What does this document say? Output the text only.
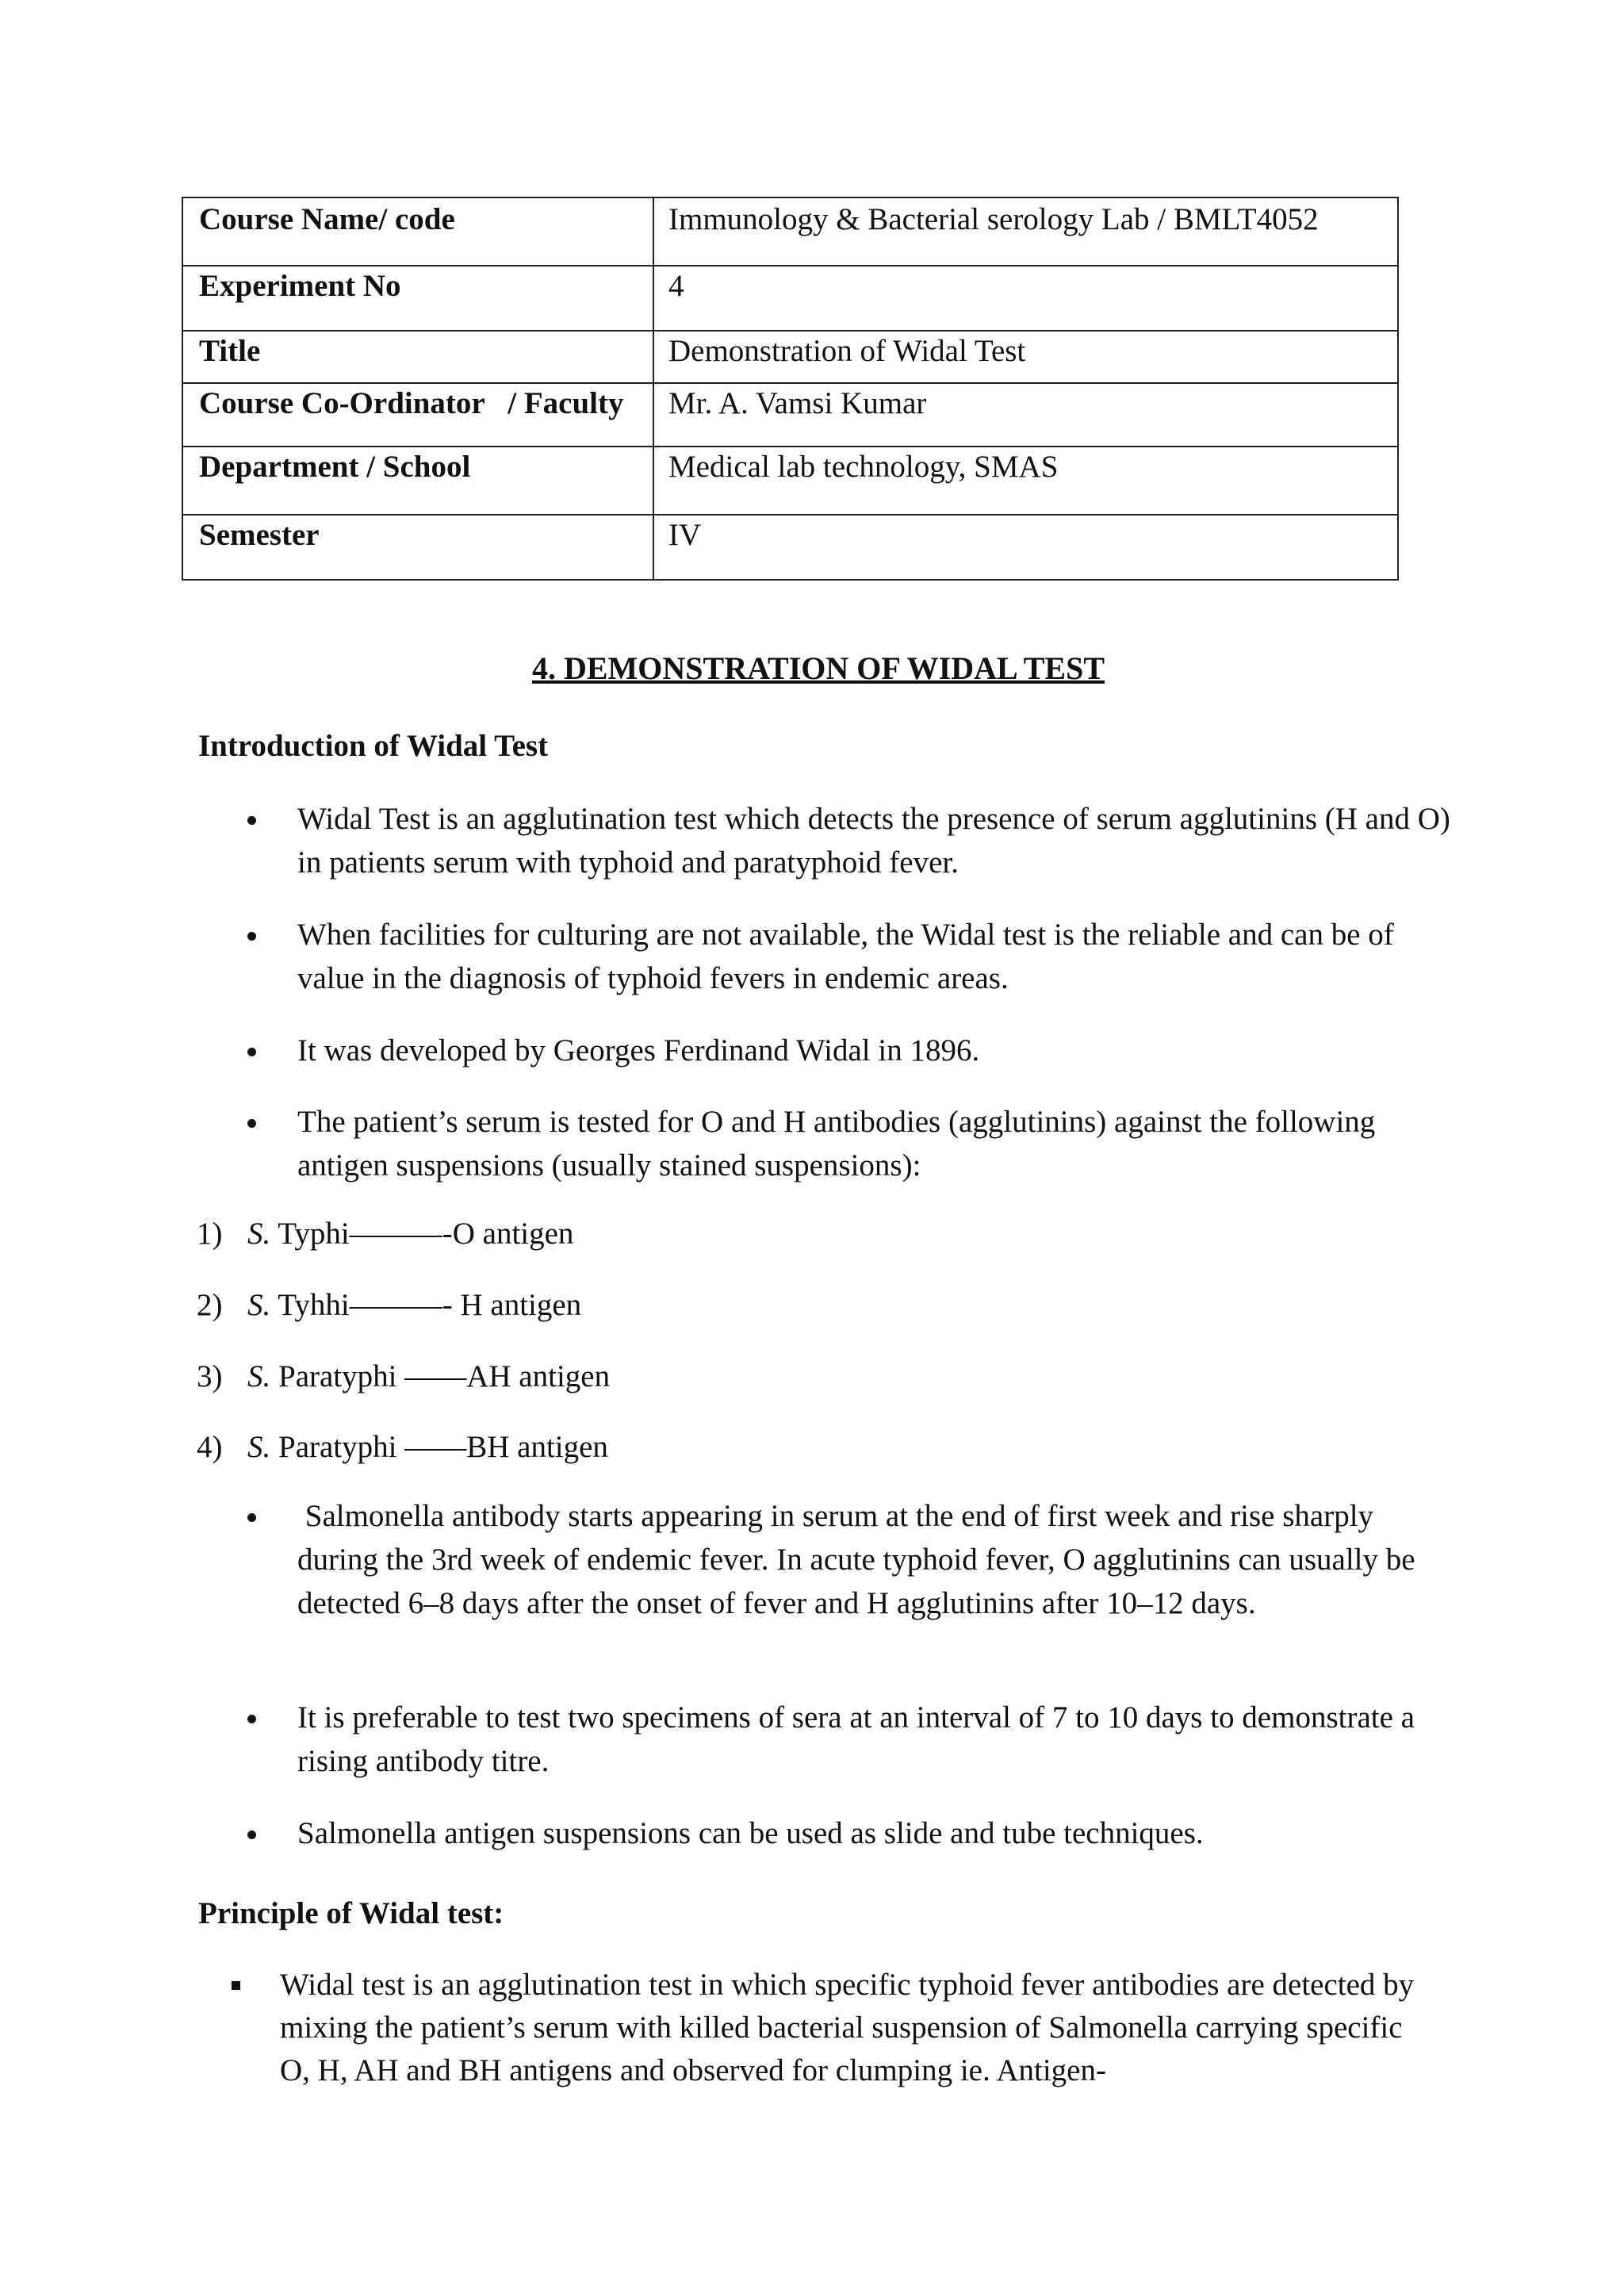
Course Name/ code	Immunology & Bacterial serology Lab / BMLT4052
Experiment No	4
Title	Demonstration of Widal Test
Course Co-Ordinator   / Faculty	Mr. A. Vamsi Kumar
Department / School	Medical lab technology, SMAS
Semester	IV
4. DEMONSTRATION OF WIDAL TEST
Introduction of Widal Test
Widal Test is an agglutination test which detects the presence of serum agglutinins (H and O) in patients serum with typhoid and paratyphoid fever.
When facilities for culturing are not available, the Widal test is the reliable and can be of value in the diagnosis of typhoid fevers in endemic areas.
It was developed by Georges Ferdinand Widal in 1896.
The patient’s serum is tested for O and H antibodies (agglutinins) against the following antigen suspensions (usually stained suspensions):
1) S. Typhi———-O antigen
2) S. Tyhhi———- H antigen
3) S. Paratyphi ——AH antigen
4) S. Paratyphi ——BH antigen
Salmonella antibody starts appearing in serum at the end of first week and rise sharply during the 3rd week of endemic fever. In acute typhoid fever, O agglutinins can usually be detected 6–8 days after the onset of fever and H agglutinins after 10–12 days.
It is preferable to test two specimens of sera at an interval of 7 to 10 days to demonstrate a rising antibody titre.
Salmonella antigen suspensions can be used as slide and tube techniques.
Principle of Widal test:
Widal test is an agglutination test in which specific typhoid fever antibodies are detected by mixing the patient’s serum with killed bacterial suspension of Salmonella carrying specific O, H, AH and BH antigens and observed for clumping ie. Antigen-
